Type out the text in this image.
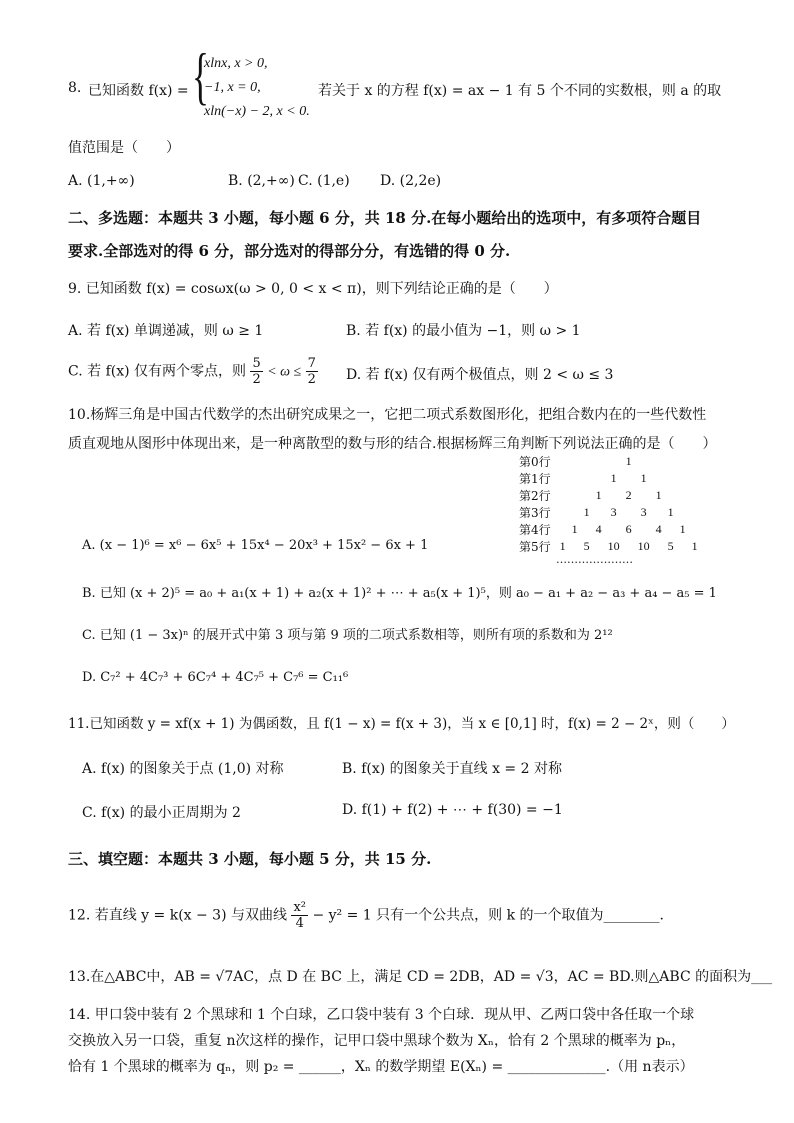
8. 已知函数 f(x) = {
xlnx, x > 0,
−1, x = 0,
xln(−x) − 2, x < 0.
若关于 x 的方程 f(x) = ax − 1 有 5 个不同的实数根，则 a 的取
值范围是（　　）
A. (1,+∞)	B. (2,+∞) C. (1,e) D. (2,2e)
二、多选题：本题共 3 小题，每小题 6 分，共 18 分.在每小题给出的选项中，有多项符合题目
要求.全部选对的得 6 分，部分选对的得部分分，有选错的得 0 分.
9. 已知函数 f(x) = cosωx(ω > 0, 0 < x < π)，则下列结论正确的是（　　）
A. 若 f(x) 单调递减，则 ω ≥ 1	B. 若 f(x) 的最小值为 −1，则 ω > 1
C. 若 f(x) 仅有两个零点，则 $\frac{5}{2} < \omega \le \frac{7}{2} D$. 若 f(x) 仅有两个极值点，则 2 < ω ≤ 3
10.杨辉三角是中国古代数学的杰出研究成果之一，它把二项式系数图形化，把组合数内在的一些代数性
质直观地从图形中体现出来，是一种离散型的数与形的结合.根据杨辉三角判断下列说法正确的是（　　）
第0行						1					
第1行					1		1				
第2行				1		2		1			
第3行			1		3		3		1		
第4行		1		4		6		4		1	
第5行	1		5		10		10		5		1
…………………
A. (x − 1)⁶ = x⁶ − 6x⁵ + 15x⁴ − 20x³ + 15x² − 6x + 1
B. 已知 (x + 2)⁵ = a₀ + a₁(x + 1) + a₂(x + 1)² + ⋯ + a₅(x + 1)⁵，则 a₀ − a₁ + a₂ − a₃ + a₄ − a₅ = 1
C. 已知 (1 − 3x)ⁿ 的展开式中第 3 项与第 9 项的二项式系数相等，则所有项的系数和为 2¹²
D. C₇² + 4C₇³ + 6C₇⁴ + 4C₇⁵ + C₇⁶ = C₁₁⁶
11.已知函数 y = xf(x + 1) 为偶函数，且 f(1 − x) = f(x + 3)，当 x ∈ [0,1] 时，f(x) = 2 − 2ˣ，则（　　）
A. f(x) 的图象关于点 (1,0) 对称	B. f(x) 的图象关于直线 x = 2 对称
C. f(x) 的最小正周期为 2	D. f(1) + f(2) + ⋯ + f(30) = −1
三、填空题：本题共 3 小题，每小题 5 分，共 15 分.
12. 若直线 y = k(x − 3) 与双曲线 $\frac{\text{x²}}{4} - y^2 = 1$ 只有一个公共点，则 k 的一个取值为________.
13.在△ABC中，AB = √7AC，点 D 在 BC 上，满足 CD = 2DB，AD = √3，AC = BD.则△ABC 的面积为___
14. 甲口袋中装有 2 个黑球和 1 个白球，乙口袋中装有 3 个白球．现从甲、乙两口袋中各任取一个球
交换放入另一口袋，重复 n次这样的操作，记甲口袋中黑球个数为 Xₙ，恰有 2 个黑球的概率为 pₙ，
恰有 1 个黑球的概率为 qₙ，则 p₂ = ______，Xₙ 的数学期望 E(Xₙ) = ______________.（用 n表示）
